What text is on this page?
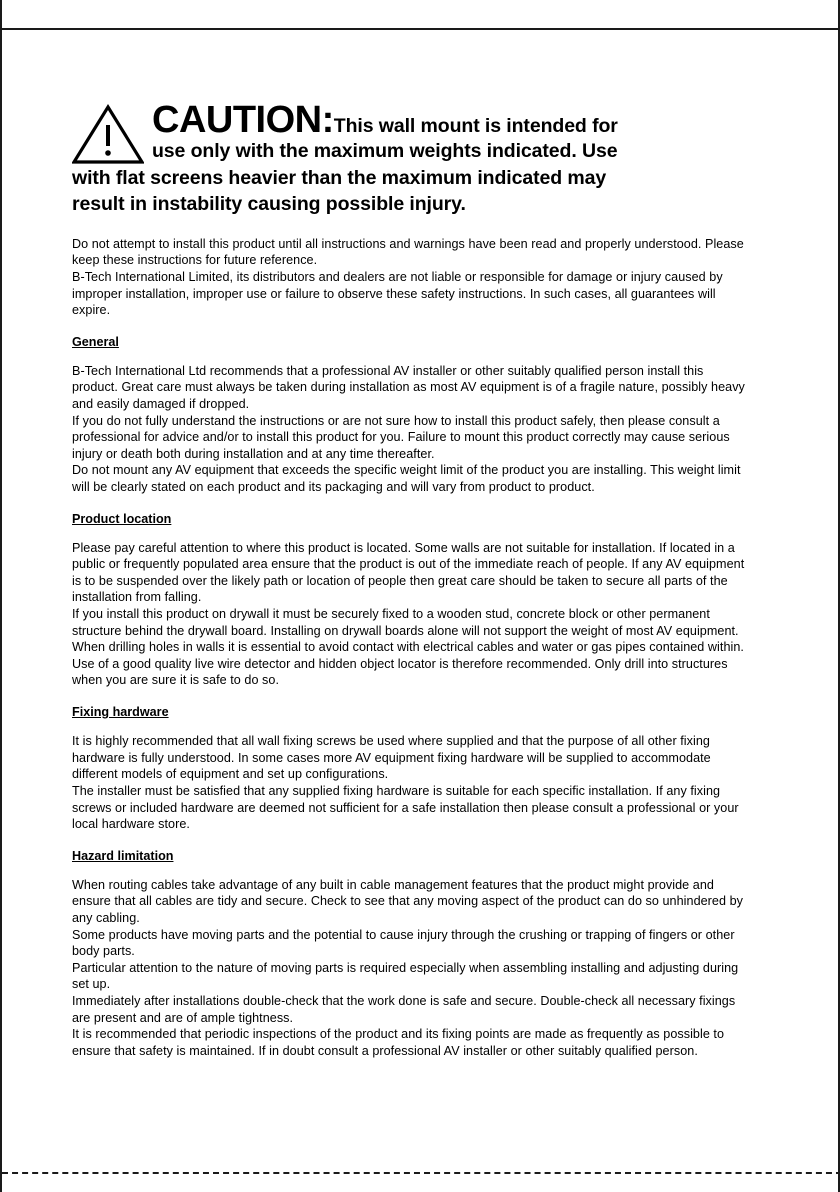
CAUTION:This wall mount is intended for
use only with the maximum weights indicated. Use
with flat screens heavier than the maximum indicated may
result in instability causing possible injury.

Do not attempt to install this product until all instructions and warnings have been read and properly understood. Please keep these instructions for future reference.

B-Tech International Limited, its distributors and dealers are not liable or responsible for damage or injury caused by improper installation, improper use or failure to observe these safety instructions. In such cases, all guarantees will expire.

General

B-Tech International Ltd recommends that a professional AV installer or other suitably qualified person install this product. Great care must always be taken during installation as most AV equipment is of a fragile nature, possibly heavy and easily damaged if dropped.

If you do not fully understand the instructions or are not sure how to install this product safely, then please consult a professional for advice and/or to install this product for you. Failure to mount this product correctly may cause serious injury or death both during installation and at any time thereafter.

Do not mount any AV equipment that exceeds the specific weight limit of the product you are installing. This weight limit will be clearly stated on each product and its packaging and will vary from product to product.

Product location

Please pay careful attention to where this product is located. Some walls are not suitable for installation. If located in a public or frequently populated area ensure that the product is out of the immediate reach of people. If any AV equipment is to be suspended over the likely path or location of people then great care should be taken to secure all parts of the installation from falling.

If you install this product on drywall it must be securely fixed to a wooden stud, concrete block or other permanent structure behind the drywall board. Installing on drywall boards alone will not support the weight of most AV equipment.

When drilling holes in walls it is essential to avoid contact with electrical cables and water or gas pipes contained within. Use of a good quality live wire detector and hidden object locator is therefore recommended. Only drill into structures when you are sure it is safe to do so.

Fixing hardware

It is highly recommended that all wall fixing screws be used where supplied and that the purpose of all other fixing hardware is fully understood. In some cases more AV equipment fixing hardware will be supplied to accommodate different models of equipment and set up configurations.

The installer must be satisfied that any supplied fixing hardware is suitable for each specific installation. If any fixing screws or included hardware are deemed not sufficient for a safe installation then please consult a professional or your local hardware store.

Hazard limitation

When routing cables take advantage of any built in cable management features that the product might provide and ensure that all cables are tidy and secure. Check to see that any moving aspect of the product can do so unhindered by any cabling.

Some products have moving parts and the potential to cause injury through the crushing or trapping of fingers or other body parts.

Particular attention to the nature of moving parts is required especially when assembling installing and adjusting during set up.

Immediately after installations double-check that the work done is safe and secure. Double-check all necessary fixings are present and are of ample tightness.

It is recommended that periodic inspections of the product and its fixing points are made as frequently as possible to ensure that safety is maintained. If in doubt consult a professional AV installer or other suitably qualified person.
